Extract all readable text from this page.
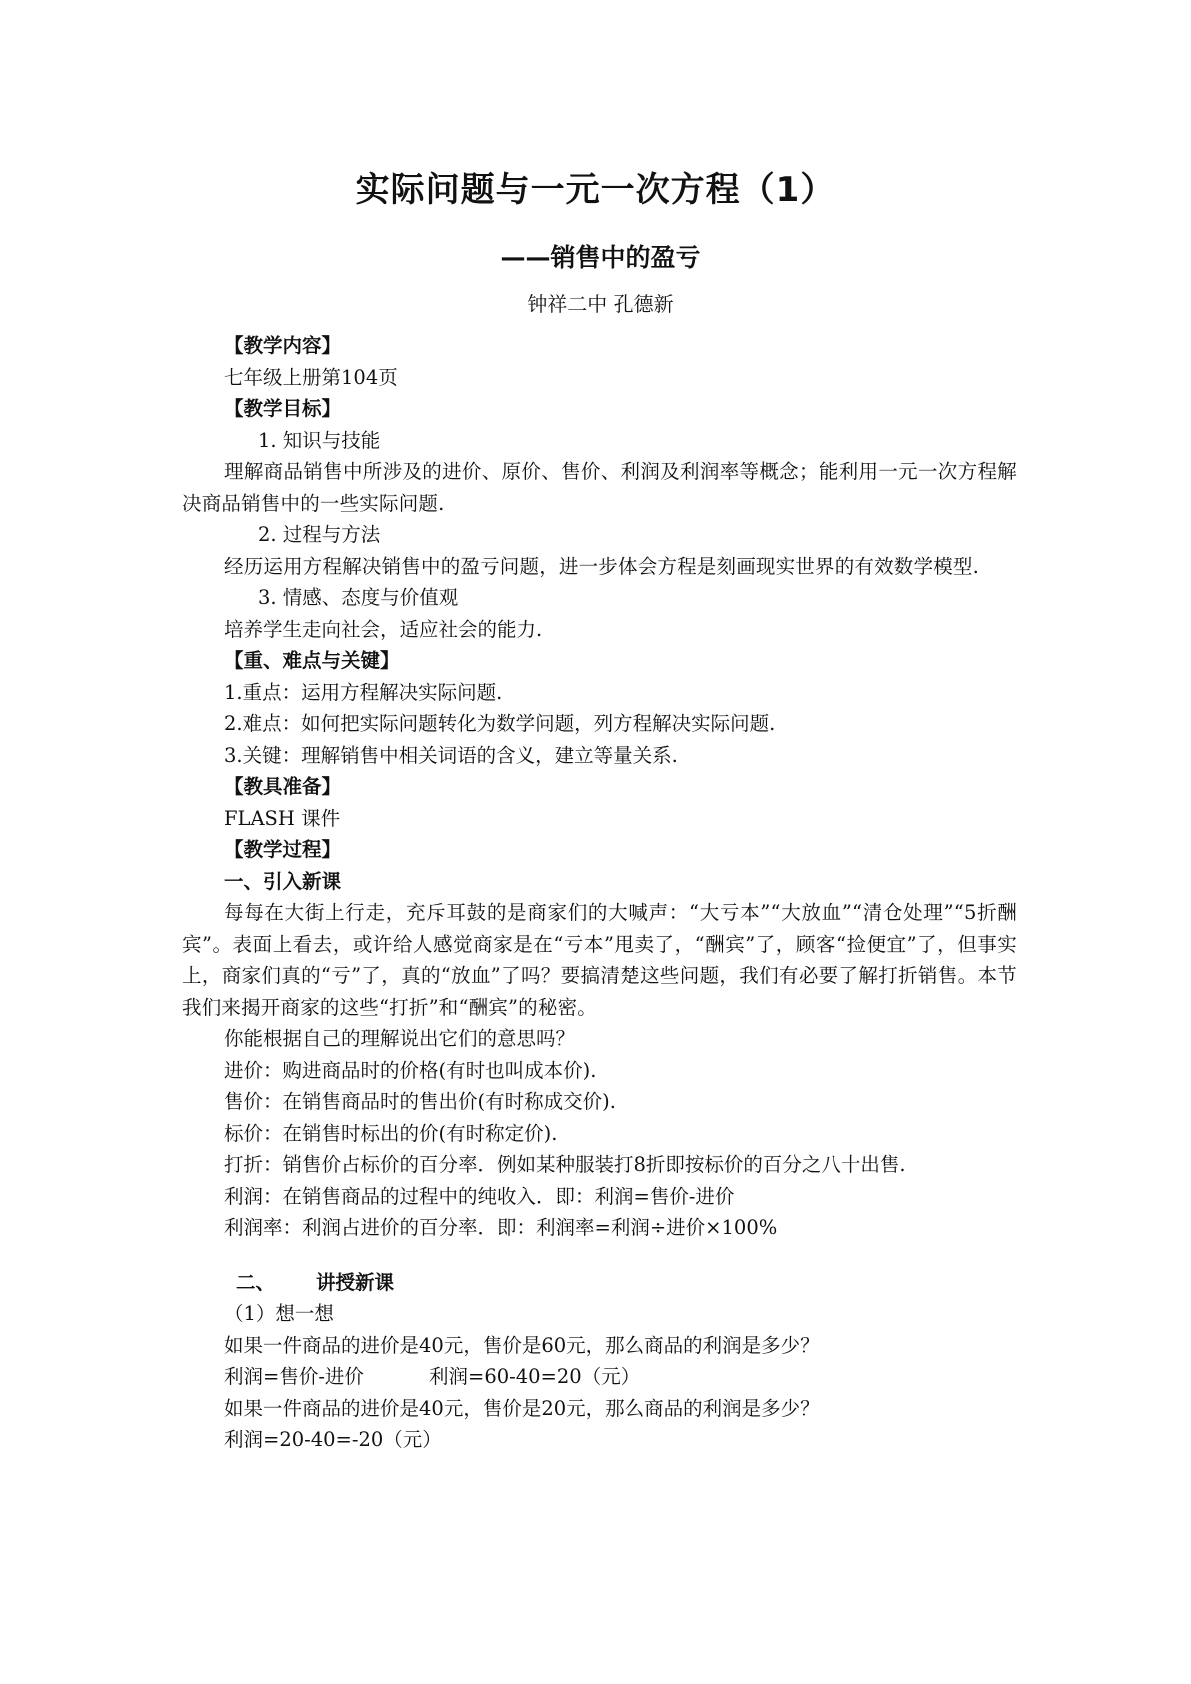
实际问题与一元一次方程（1）
——销售中的盈亏
钟祥二中 孔德新
【教学内容】
七年级上册第104页
【教学目标】
1. 知识与技能
理解商品销售中所涉及的进价、原价、售价、利润及利润率等概念；能利用一元一次方程解决商品销售中的一些实际问题.
2. 过程与方法
经历运用方程解决销售中的盈亏问题，进一步体会方程是刻画现实世界的有效数学模型.
3. 情感、态度与价值观
培养学生走向社会，适应社会的能力.
【重、难点与关键】
1.重点：运用方程解决实际问题.
2.难点：如何把实际问题转化为数学问题，列方程解决实际问题.
3.关键：理解销售中相关词语的含义，建立等量关系.
【教具准备】
FLASH 课件
【教学过程】
一、引入新课
每每在大街上行走，充斥耳鼓的是商家们的大喊声：“大亏本”“大放血”“清仓处理”“5折酬宾”。表面上看去，或许给人感觉商家是在“亏本”甩卖了，“酬宾”了，顾客“捡便宜”了，但事实上，商家们真的“亏”了，真的“放血”了吗？要搞清楚这些问题，我们有必要了解打折销售。本节我们来揭开商家的这些“打折”和“酬宾”的秘密。
你能根据自己的理解说出它们的意思吗？
进价：购进商品时的价格(有时也叫成本价).
售价：在销售商品时的售出价(有时称成交价).
标价：在销售时标出的价(有时称定价).
打折：销售价占标价的百分率．例如某种服装打8折即按标价的百分之八十出售.
利润：在销售商品的过程中的纯收入．即：利润=售价-进价
利润率：利润占进价的百分率．即：利润率=利润÷进价×100%
二、 讲授新课
（1）想一想
如果一件商品的进价是40元，售价是60元，那么商品的利润是多少？
利润=售价-进价	利润=60-40=20（元）
如果一件商品的进价是40元，售价是20元，那么商品的利润是多少？
利润=20-40=-20（元）
